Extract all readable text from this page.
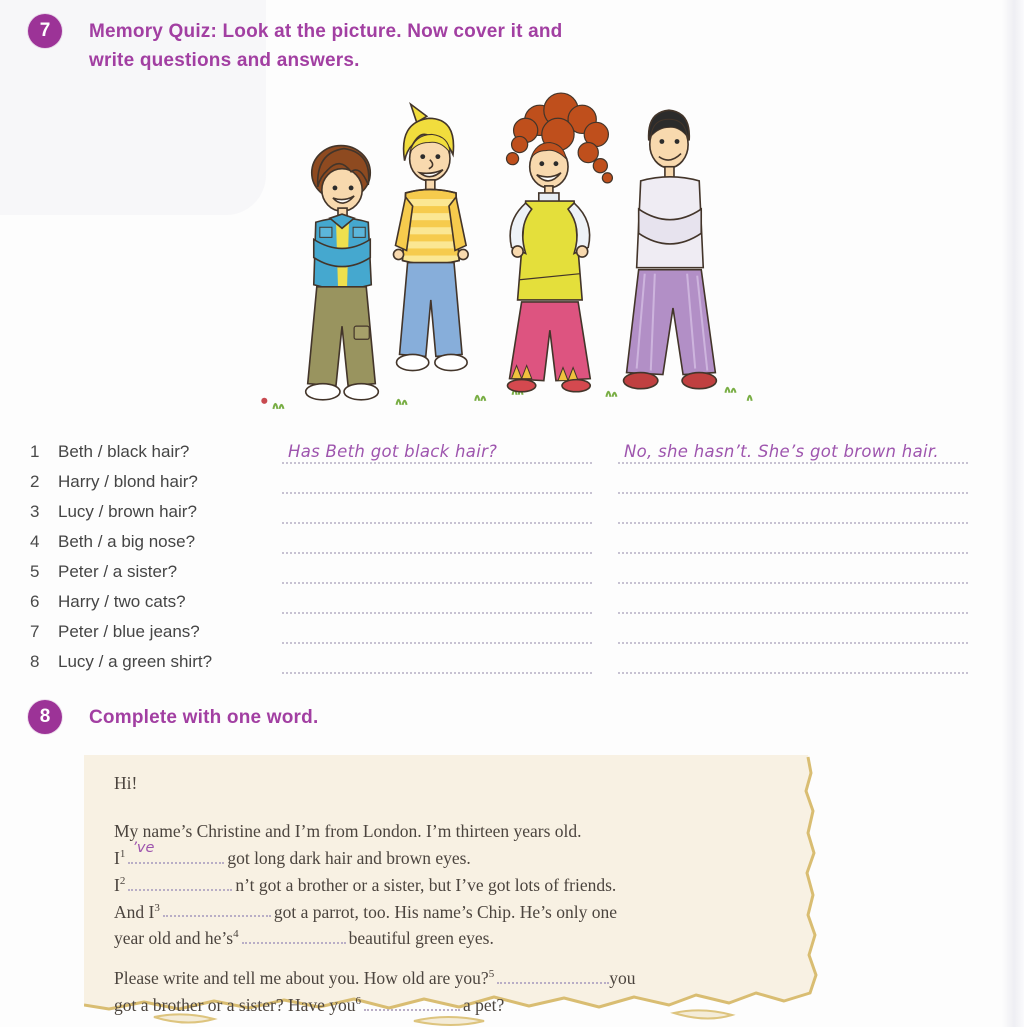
7	Memory Quiz: Look at the picture. Now cover it and
write questions and answers.
1	Beth / black hair?	Has Beth got black hair?	No, she hasn’t. She’s got brown hair.
2	Harry / blond hair?
3	Lucy / brown hair?
4	Beth / a big nose?
5	Peter / a sister?
6	Harry / two cats?
7	Peter / blue jeans?
8	Lucy / a green shirt?
8	Complete with one word.
Hi!
My name’s Christine and I’m from London. I’m thirteen years old.
$I^1$ ’ve	got long dark hair and brown eyes.
$I^2$	n’t got a brother or a sister, but I’ve got lots of friends.
And $I^3$	got a parrot, too. His name’s Chip. He’s only one
year old and $he’s^4$	beautiful green eyes.
Please write and tell me about you. How old are you?$^5$	you
got a brother or a sister? Have you$^6$	a pet?
